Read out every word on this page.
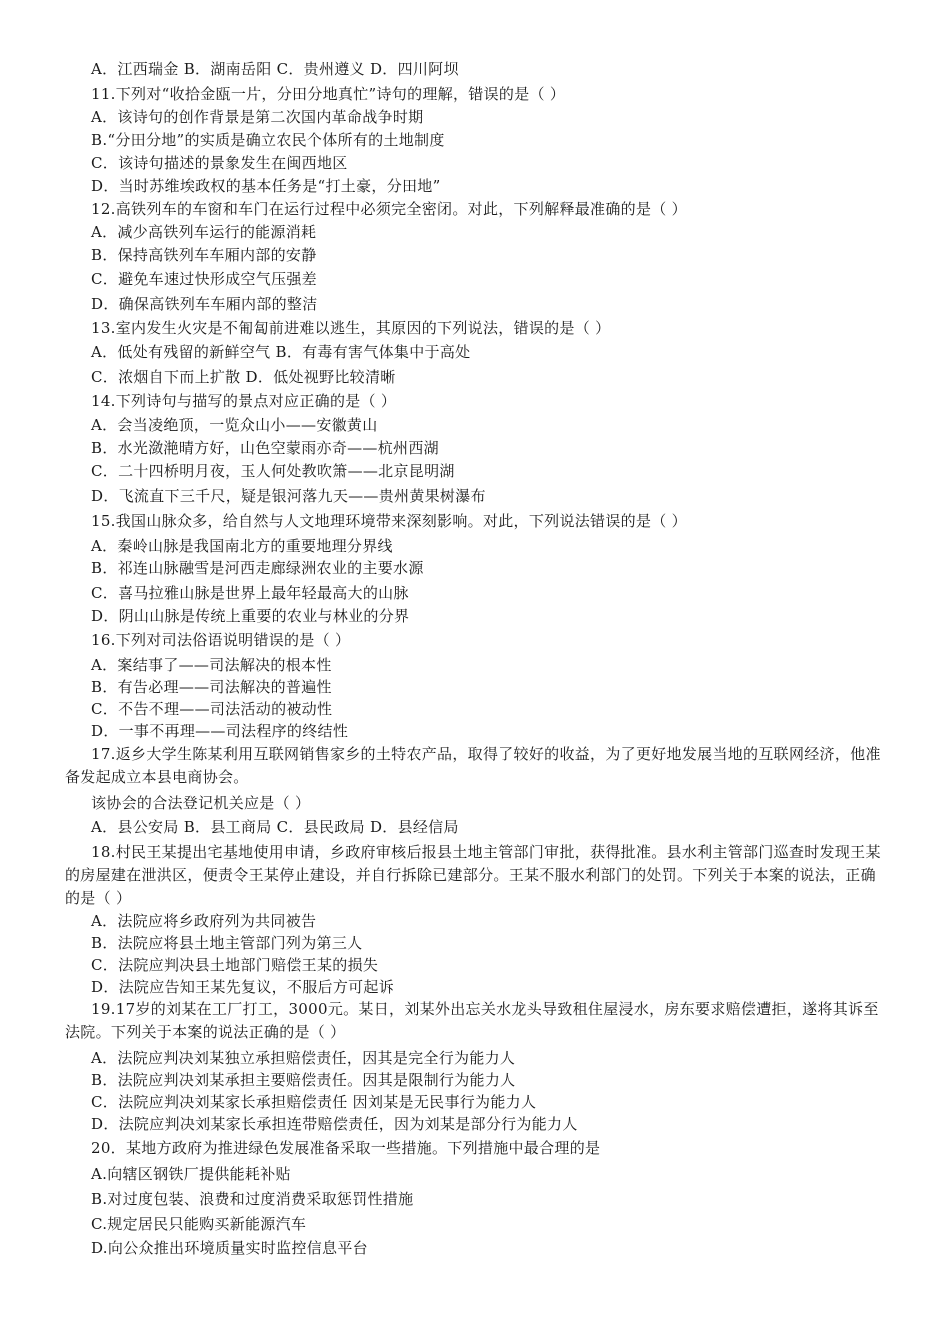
A．江西瑞金 B．湖南岳阳 C．贵州遵义 D．四川阿坝
11.下列对“收拾金瓯一片，分田分地真忙”诗句的理解，错误的是（ ）
A．该诗句的创作背景是第二次国内革命战争时期
B.“分田分地”的实质是确立农民个体所有的土地制度
C．该诗句描述的景象发生在闽西地区
D．当时苏维埃政权的基本任务是“打土豪，分田地”
12.高铁列车的车窗和车门在运行过程中必须完全密闭。对此，下列解释最准确的是（ ）
A．减少高铁列车运行的能源消耗
B．保持高铁列车车厢内部的安静
C．避免车速过快形成空气压强差
D．确保高铁列车车厢内部的整洁
13.室内发生火灾是不匍匐前进难以逃生，其原因的下列说法，错误的是（ ）
A．低处有残留的新鲜空气 B．有毒有害气体集中于高处
C．浓烟自下而上扩散 D．低处视野比较清晰
14.下列诗句与描写的景点对应正确的是（ ）
A．会当凌绝顶，一览众山小——安徽黄山
B．水光潋滟晴方好，山色空蒙雨亦奇——杭州西湖
C．二十四桥明月夜，玉人何处教吹箫——北京昆明湖
D．飞流直下三千尺，疑是银河落九天——贵州黄果树瀑布
15.我国山脉众多，给自然与人文地理环境带来深刻影响。对此，下列说法错误的是（ ）
A．秦岭山脉是我国南北方的重要地理分界线
B．祁连山脉融雪是河西走廊绿洲农业的主要水源
C．喜马拉雅山脉是世界上最年轻最高大的山脉
D．阴山山脉是传统上重要的农业与林业的分界
16.下列对司法俗语说明错误的是（ ）
A．案结事了——司法解决的根本性
B．有告必理——司法解决的普遍性
C．不告不理——司法活动的被动性
D．一事不再理——司法程序的终结性
17.返乡大学生陈某利用互联网销售家乡的土特农产品，取得了较好的收益，为了更好地发展当地的互联网经济，他准备发起成立本县电商协会。
该协会的合法登记机关应是（ ）
A．县公安局 B．县工商局 C．县民政局 D．县经信局
18.村民王某提出宅基地使用申请，乡政府审核后报县土地主管部门审批，获得批准。县水利主管部门巡查时发现王某的房屋建在泄洪区，便责令王某停止建设，并自行拆除已建部分。王某不服水利部门的处罚。下列关于本案的说法，正确的是（ ）
A．法院应将乡政府列为共同被告
B．法院应将县土地主管部门列为第三人
C．法院应判决县土地部门赔偿王某的损失
D．法院应告知王某先复议，不服后方可起诉
19.17岁的刘某在工厂打工，3000元。某日，刘某外出忘关水龙头导致租住屋浸水，房东要求赔偿遭拒，遂将其诉至法院。下列关于本案的说法正确的是（ ）
A．法院应判决刘某独立承担赔偿责任，因其是完全行为能力人
B．法院应判决刘某承担主要赔偿责任。因其是限制行为能力人
C．法院应判决刘某家长承担赔偿责任 因刘某是无民事行为能力人
D．法院应判决刘某家长承担连带赔偿责任，因为刘某是部分行为能力人
20．某地方政府为推进绿色发展准备采取一些措施。下列措施中最合理的是
A.向辖区钢铁厂提供能耗补贴
B.对过度包装、浪费和过度消费采取惩罚性措施
C.规定居民只能购买新能源汽车
D.向公众推出环境质量实时监控信息平台
